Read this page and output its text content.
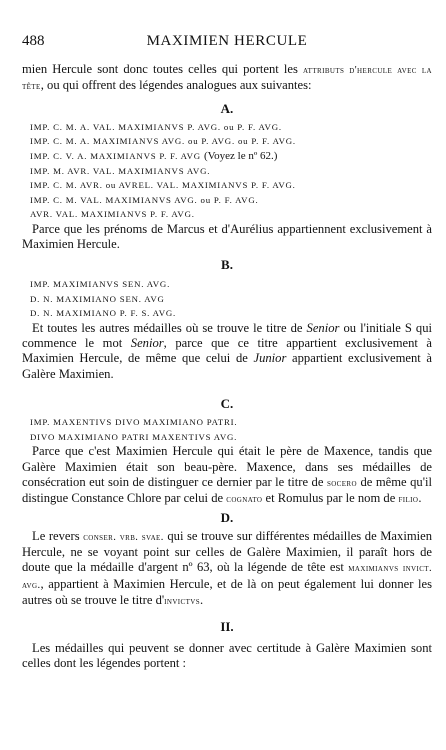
488	MAXIMIEN HERCULE

mien Hercule sont donc toutes celles qui portent les attributs d'hercule avec la tête, ou qui offrent des légendes analogues aux suivantes:

A.
IMP. C. M. A. VAL. MAXIMIANVS P. AVG. ou P. F. AVG.
IMP. C. M. A. MAXIMIANVS AVG. ou P. AVG. ou P. F. AVG.
IMP. C. V. A. MAXIMIANVS P. F. AVG (Voyez le nº 62.)
IMP. M. AVR. VAL. MAXIMIANVS AVG.
IMP. C. M. AVR. ou AVREL. VAL. MAXIMIANVS P. F. AVG.
IMP. C. M. VAL. MAXIMIANVS AVG. ou P. F. AVG.
AVR. VAL. MAXIMIANVS P. F. AVG.

Parce que les prénoms de Marcus et d'Aurélius appartiennent exclusivement à Maximien Hercule.

B.
IMP. MAXIMIANVS SEN. AVG.
D. N. MAXIMIANO SEN. AVG
D. N. MAXIMIANO P. F. S. AVG.

Et toutes les autres médailles où se trouve le titre de Senior ou l'initiale S qui commence le mot Senior, parce que ce titre appartient exclusivement à Maximien Hercule, de même que celui de Junior appartient exclusivement à Galère Maximien.

C.
IMP. MAXENTIVS DIVO MAXIMIANO PATRI.
DIVO MAXIMIANO PATRI MAXENTIVS AVG.

Parce que c'est Maximien Hercule qui était le père de Maxence, tandis que Galère Maximien était son beau-père. Maxence, dans ses médailles de consécration eut soin de distinguer ce dernier par le titre de socero de même qu'il distingue Constance Chlore par celui de cognato et Romulus par le nom de filio.

D.

Le revers conser. vrb. svae. qui se trouve sur différentes médailles de Maximien Hercule, ne se voyant point sur celles de Galère Maximien, il paraît hors de doute que la médaille d'argent nº 63, où la légende de tête est maximianvs invict. avg., appartient à Maximien Hercule, et de là on peut également lui donner les autres où se trouve le titre d'invictvs.

II.

Les médailles qui peuvent se donner avec certitude à Galère Maximien sont celles dont les légendes portent :
